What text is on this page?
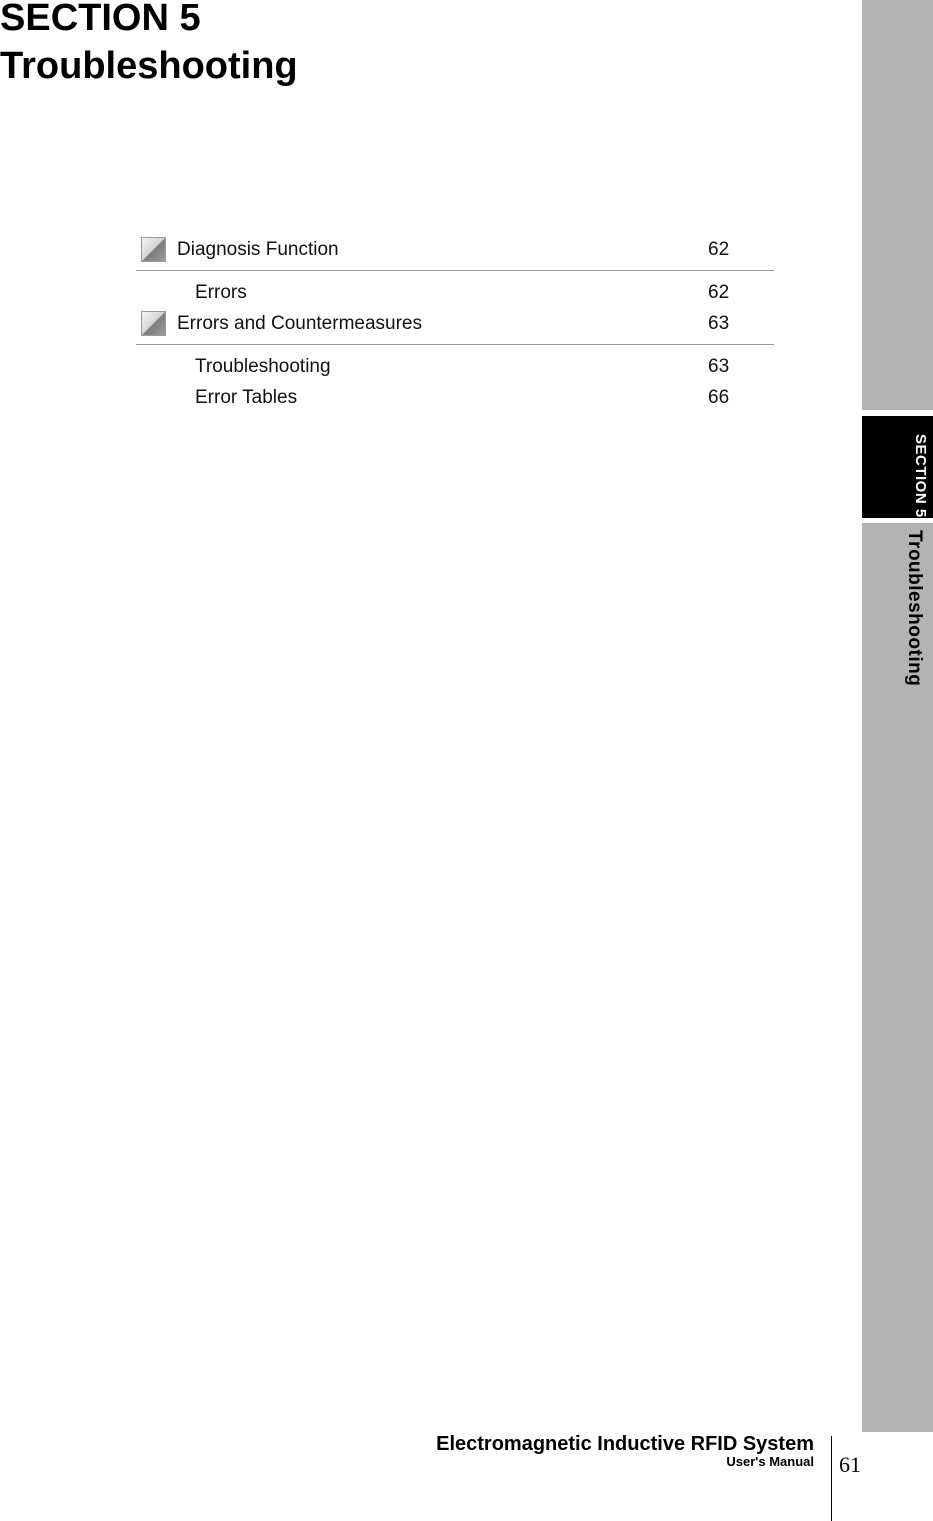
SECTION 5
Troubleshooting
SECTION 5
Troubleshooting
Diagnosis Function	62
Errors	62
Errors and Countermeasures	63
Troubleshooting	63
Error Tables	66
Electromagnetic Inductive RFID System
User's Manual 61
